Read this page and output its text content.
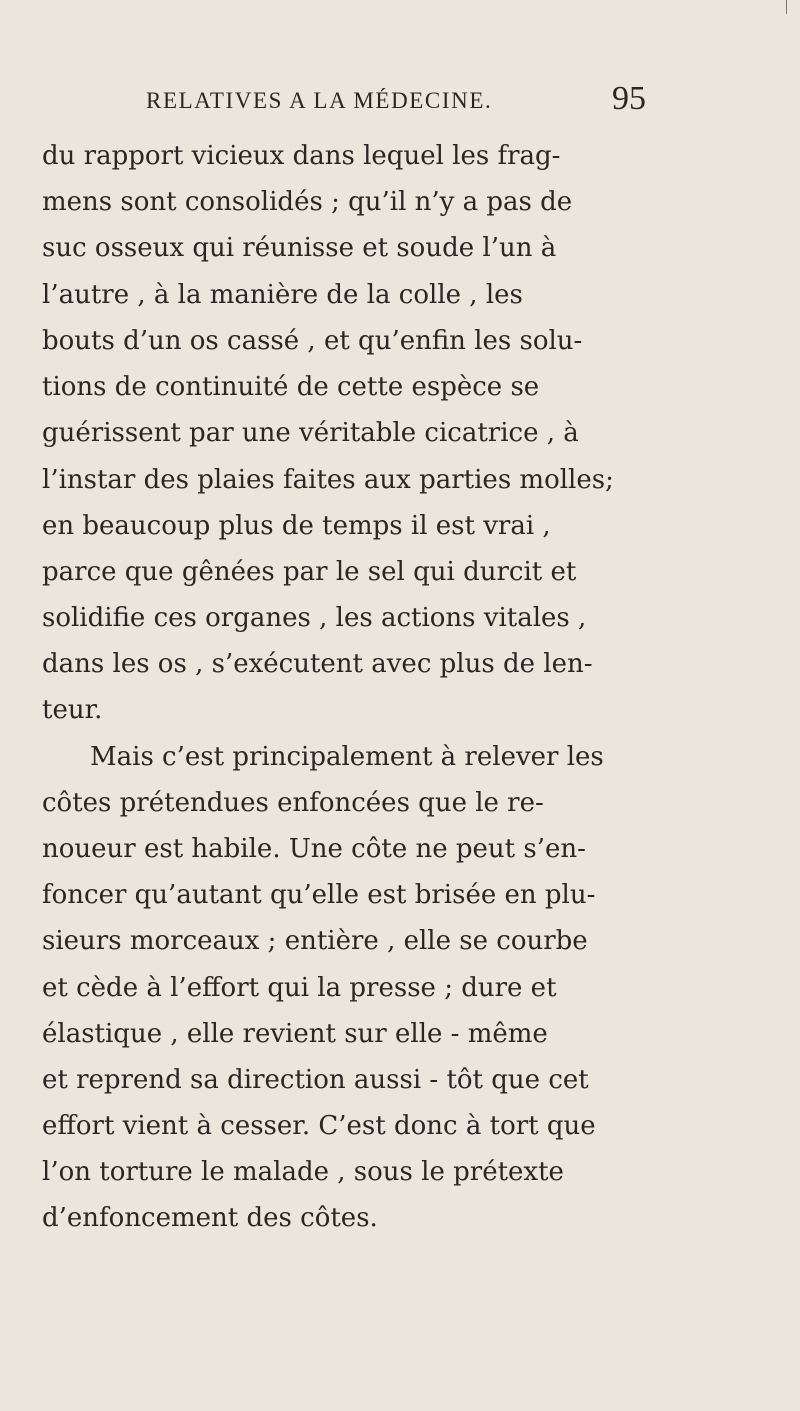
RELATIVES A LA MÉDECINE.	95
du rapport vicieux dans lequel les frag-
mens sont consolidés ; qu’il n’y a pas de
suc osseux qui réunisse et soude l’un à
l’autre , à la manière de la colle , les
bouts d’un os cassé , et qu’enfin les solu-
tions de continuité de cette espèce se
guérissent par une véritable cicatrice , à
l’instar des plaies faites aux parties molles;
en beaucoup plus de temps il est vrai ,
parce que gênées par le sel qui durcit et
solidifie ces organes , les actions vitales ,
dans les os , s’exécutent avec plus de len-
teur.
Mais c’est principalement à relever les
côtes prétendues enfoncées que le re-
noueur est habile. Une côte ne peut s’en-
foncer qu’autant qu’elle est brisée en plu-
sieurs morceaux ; entière , elle se courbe
et cède à l’effort qui la presse ; dure et
élastique , elle revient sur elle - même
et reprend sa direction aussi - tôt que cet
effort vient à cesser. C’est donc à tort que
l’on torture le malade , sous le prétexte
d’enfoncement des côtes.
